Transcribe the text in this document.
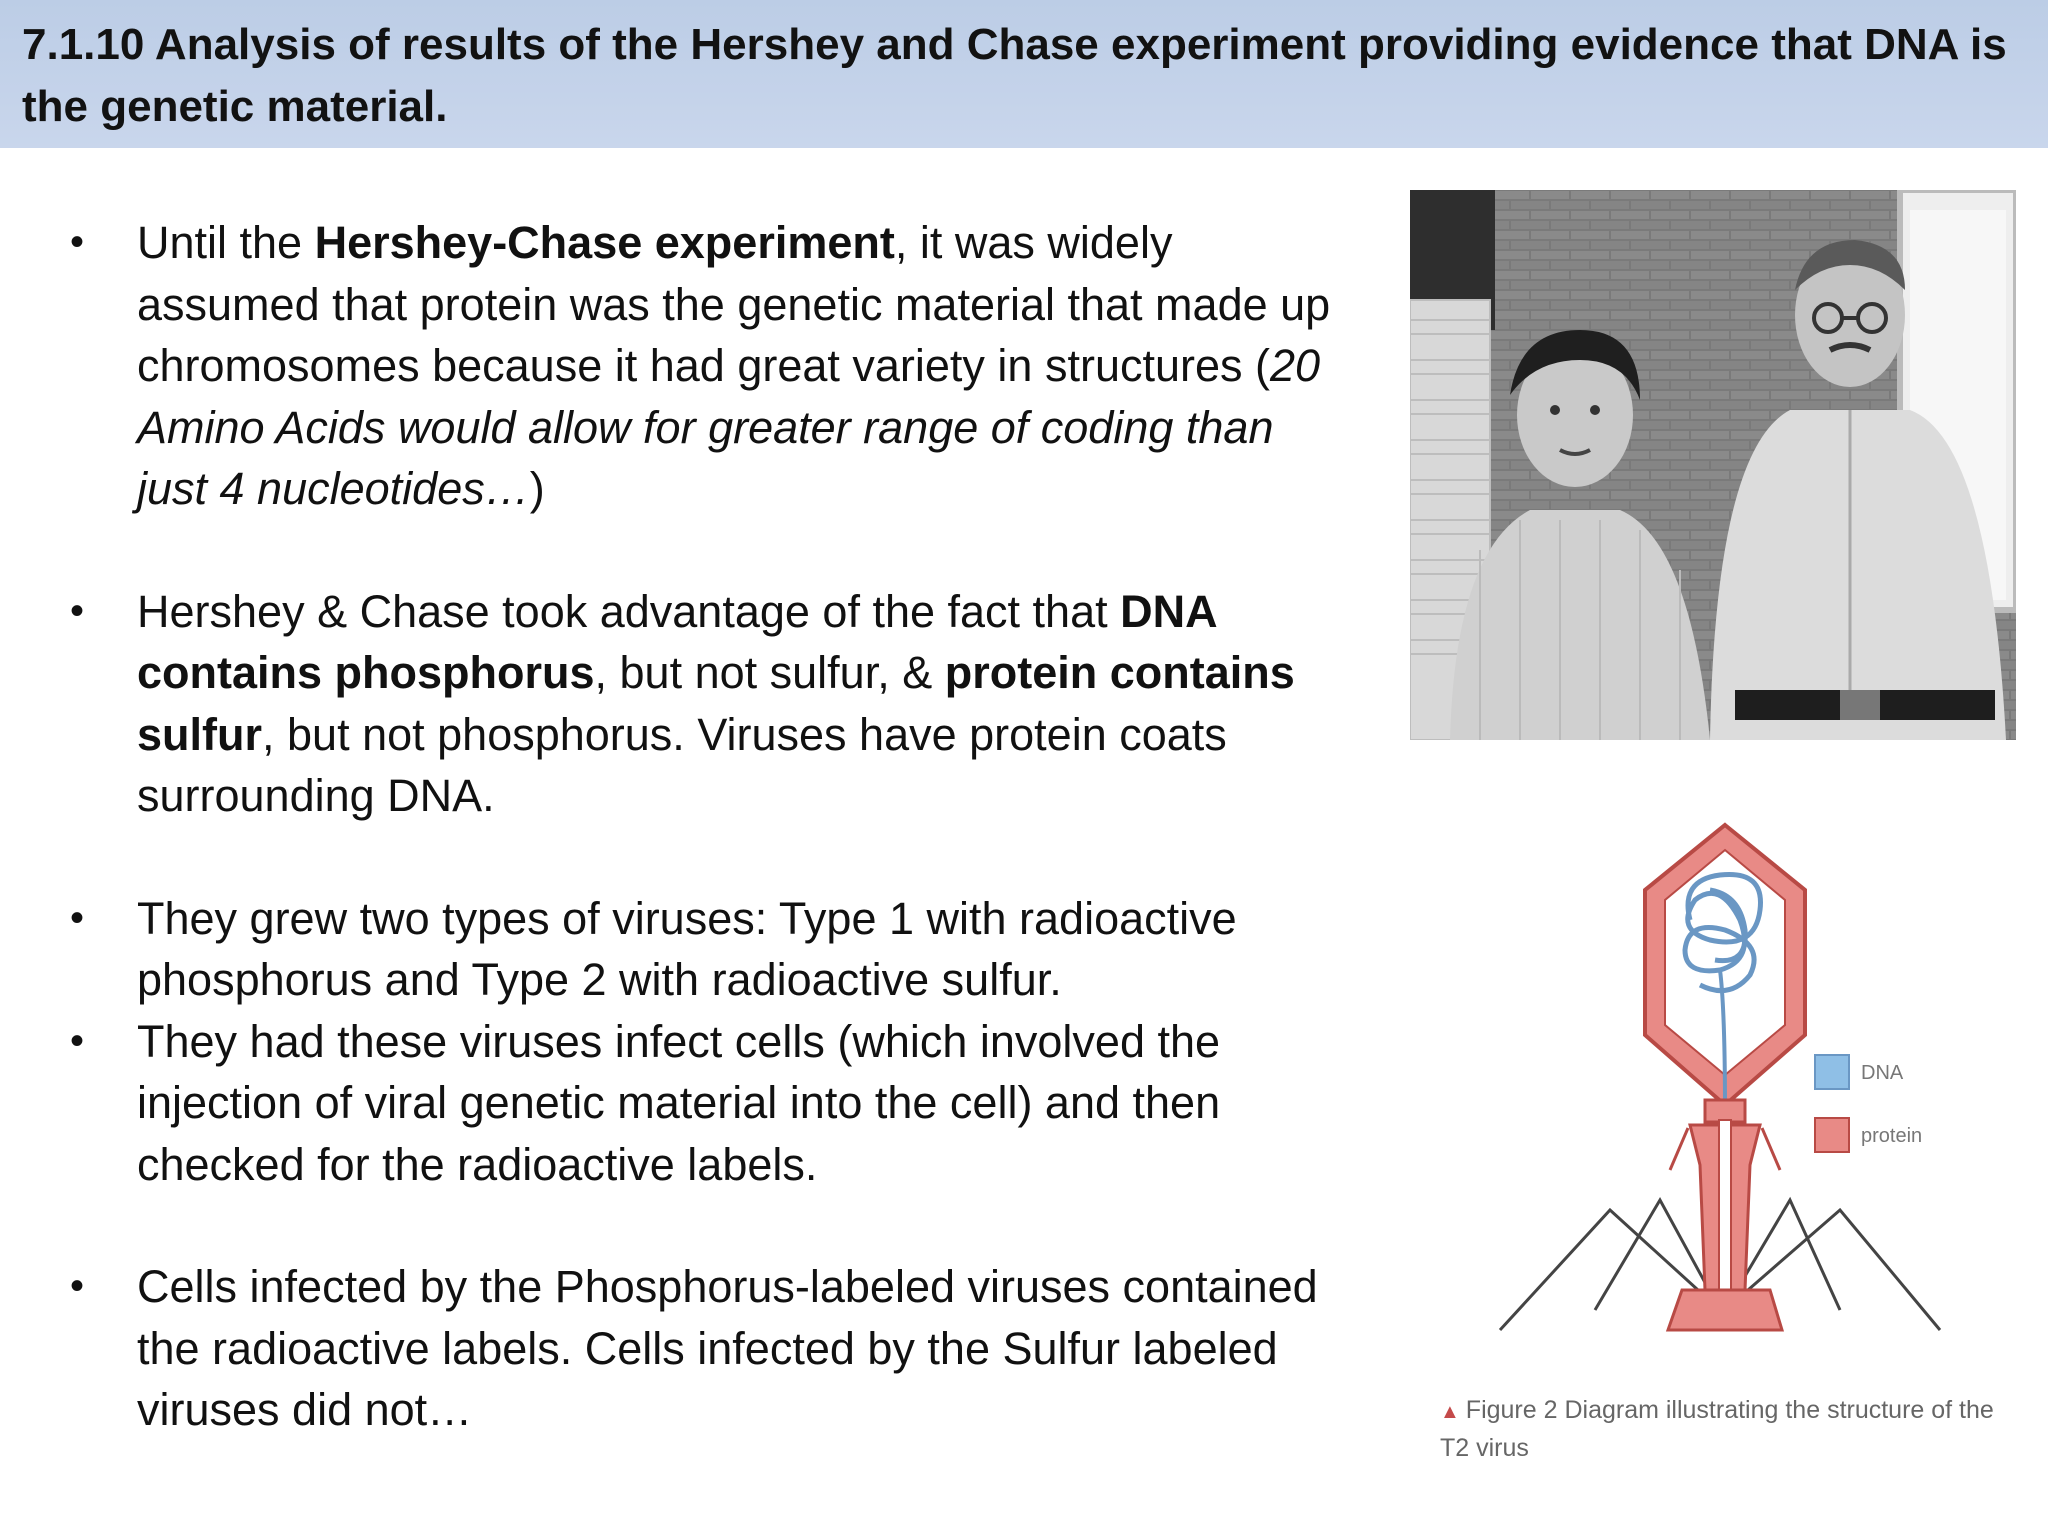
7.1.10 Analysis of results of the Hershey and Chase experiment providing evidence that DNA is the genetic material.
• Until the Hershey-Chase experiment, it was widely assumed that protein was the genetic material that made up chromosomes because it had great variety in structures (20 Amino Acids would allow for greater range of coding than just 4 nucleotides…)
• Hershey & Chase took advantage of the fact that DNA contains phosphorus, but not sulfur, & protein contains sulfur, but not phosphorus. Viruses have protein coats surrounding DNA.
• They grew two types of viruses: Type 1 with radioactive phosphorus and Type 2 with radioactive sulfur.
• They had these viruses infect cells (which involved the injection of viral genetic material into the cell) and then checked for the radioactive labels.
• Cells infected by the Phosphorus-labeled viruses contained the radioactive labels. Cells infected by the Sulfur labeled viruses did not…
DNA
protein
▲ Figure 2 Diagram illustrating the structure of the T2 virus
